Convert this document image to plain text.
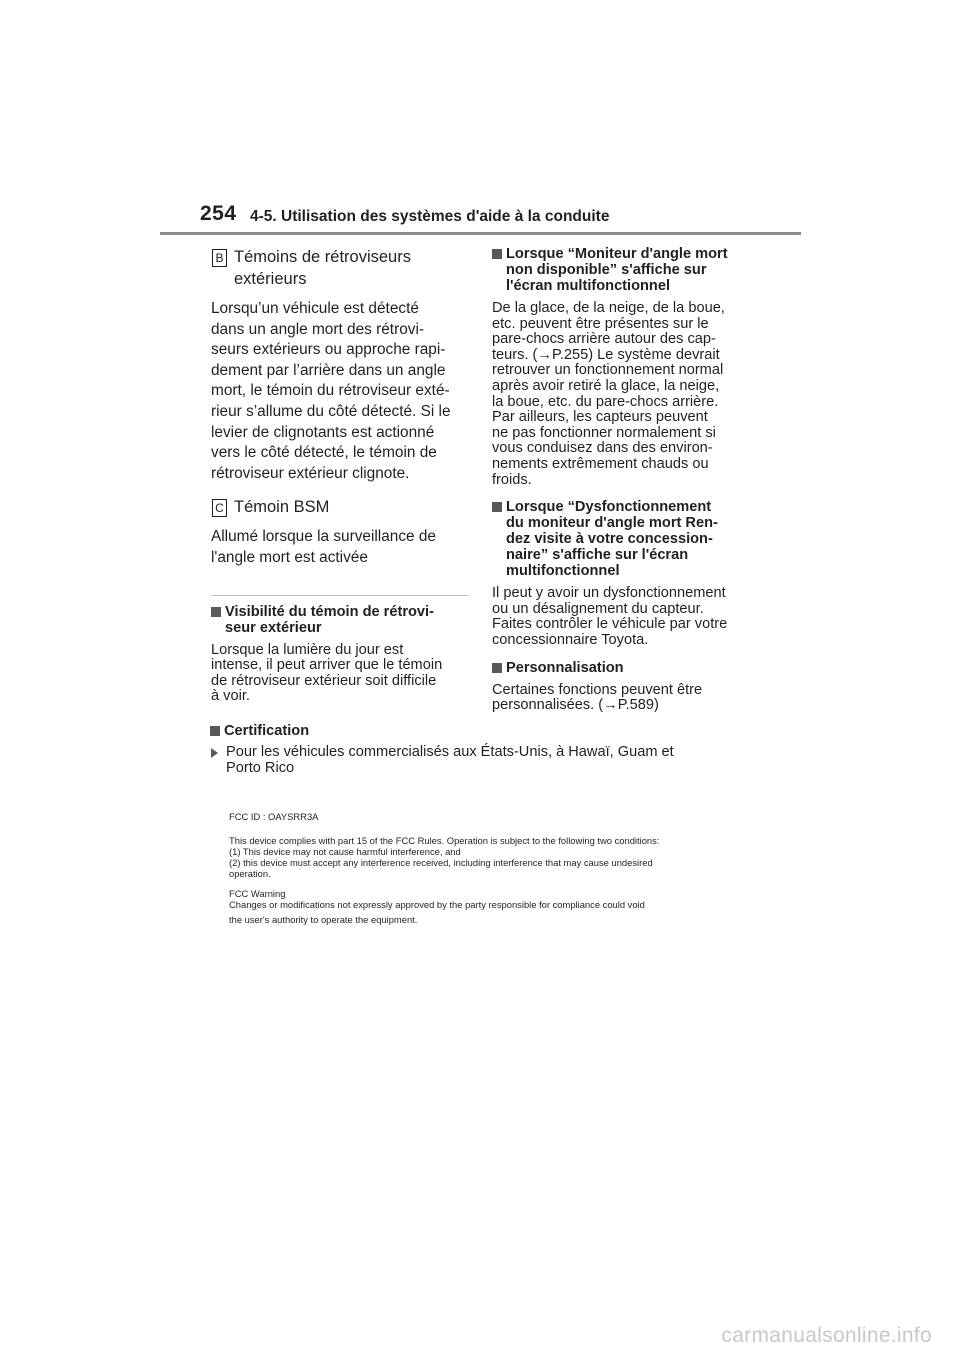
254 4-5. Utilisation des systèmes d'aide à la conduite
B Témoins de rétroviseurs
extérieurs
Lorsqu’un véhicule est détecté
dans un angle mort des rétrovi-
seurs extérieurs ou approche rapi-
dement par l’arrière dans un angle
mort, le témoin du rétroviseur exté-
rieur s’allume du côté détecté. Si le
levier de clignotants est actionné
vers le côté détecté, le témoin de
rétroviseur extérieur clignote.
C Témoin BSM
Allumé lorsque la surveillance de
l'angle mort est activée
Visibilité du témoin de rétrovi-
seur extérieur
Lorsque la lumière du jour est
intense, il peut arriver que le témoin
de rétroviseur extérieur soit difficile
à voir.
Lorsque “Moniteur d'angle mort
non disponible” s'affiche sur
l'écran multifonctionnel
De la glace, de la neige, de la boue,
etc. peuvent être présentes sur le
pare-chocs arrière autour des cap-
teurs. (→P.255) Le système devrait
retrouver un fonctionnement normal
après avoir retiré la glace, la neige,
la boue, etc. du pare-chocs arrière.
Par ailleurs, les capteurs peuvent
ne pas fonctionner normalement si
vous conduisez dans des environ-
nements extrêmement chauds ou
froids.
Lorsque “Dysfonctionnement
du moniteur d'angle mort Ren-
dez visite à votre concession-
naire” s'affiche sur l'écran
multifonctionnel
Il peut y avoir un dysfonctionnement
ou un désalignement du capteur.
Faites contrôler le véhicule par votre
concessionnaire Toyota.
Personnalisation
Certaines fonctions peuvent être
personnalisées. (→P.589)
Certification
Pour les véhicules commercialisés aux États-Unis, à Hawaï, Guam et
Porto Rico

FCC ID : OAYSRR3A

This device complies with part 15 of the FCC Rules. Operation is subject to the following two conditions:

(1) This device may not cause harmful interference, and

(2) this device must accept any interference received, including interference that may cause undesired

operation.

FCC Warning

Changes or modifications not expressly approved by the party responsible for compliance could void

the user's authority to operate the equipment.

carmanualsonline.info
